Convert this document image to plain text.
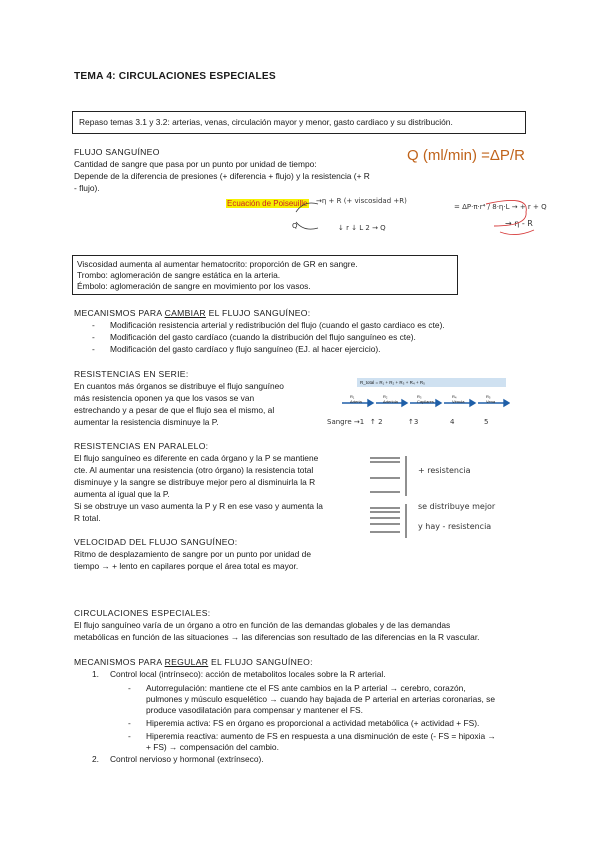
TEMA 4: CIRCULACIONES ESPECIALES
Repaso temas 3.1 y 3.2: arterias, venas, circulación mayor y menor, gasto cardiaco y su distribución.
FLUJO SANGUÍNEO
Cantidad de sangre que pasa por un punto por unidad de tiempo:
Depende de la diferencia de presiones (+ diferencia + flujo) y la resistencia (+ R
- flujo).
Q (ml/min) =ΔP/R
Ecuación de Poiseuille
Q
→η + R (+ viscosidad +R)
↓ r ↓ L 2 → Q
= ΔP·π·r⁴ / 8·η·L → + r + Q
→ η - R
Viscosidad aumenta al aumentar hematocrito: proporción de GR en sangre.
Trombo: aglomeración de sangre estática en la arteria.
Émbolo: aglomeración de sangre en movimiento por los vasos.
MECANISMOS PARA CAMBIAR EL FLUJO SANGUÍNEO:
- Modificación resistencia arterial y redistribución del flujo (cuando el gasto cardiaco es cte).
- Modificación del gasto cardíaco (cuando la distribución del flujo sanguíneo es cte).
- Modificación del gasto cardíaco y flujo sanguíneo (EJ. al hacer ejercicio).
RESISTENCIAS EN SERIE:
En cuantos más órganos se distribuye el flujo sanguíneo
más resistencia oponen ya que los vasos se van
estrechando y a pesar de que el flujo sea el mismo, al
aumentar la resistencia disminuye la P.
R_total = R₁ + R₂ + R₃ + R₄ + R₅
R₁
Arteria
R₂
Arteriola
R₃
Capilares
R₄
Vénula
R₅
Vena
Sangre →1 ↑ 2	↑3	4	5
RESISTENCIAS EN PARALELO:
El flujo sanguíneo es diferente en cada órgano y la P se mantiene
cte. Al aumentar una resistencia (otro órgano) la resistencia total
disminuye y la sangre se distribuye mejor pero al disminuirla la R
aumenta al igual que la P.
Si se obstruye un vaso aumenta la P y R en ese vaso y aumenta la
R total.
+ resistencia
se distribuye mejor
y hay - resistencia
VELOCIDAD DEL FLUJO SANGUÍNEO:
Ritmo de desplazamiento de sangre por un punto por unidad de
tiempo → + lento en capilares porque el área total es mayor.
CIRCULACIONES ESPECIALES:
El flujo sanguíneo varía de un órgano a otro en función de las demandas globales y de las demandas
metabólicas en función de las situaciones → las diferencias son resultado de las diferencias en la R vascular.
MECANISMOS PARA REGULAR EL FLUJO SANGUÍNEO:
1. Control local (intrínseco): acción de metabolitos locales sobre la R arterial.
- Autorregulación: mantiene cte el FS ante cambios en la P arterial → cerebro, corazón,
pulmones y músculo esquelético → cuando hay bajada de P arterial en arterias coronarias, se
produce vasodilatación para compensar y mantener el FS.
- Hiperemia activa: FS en órgano es proporcional a actividad metabólica (+ actividad + FS).
- Hiperemia reactiva: aumento de FS en respuesta a una disminución de este (- FS = hipoxia →
+ FS) → compensación del cambio.
2. Control nervioso y hormonal (extrínseco).
